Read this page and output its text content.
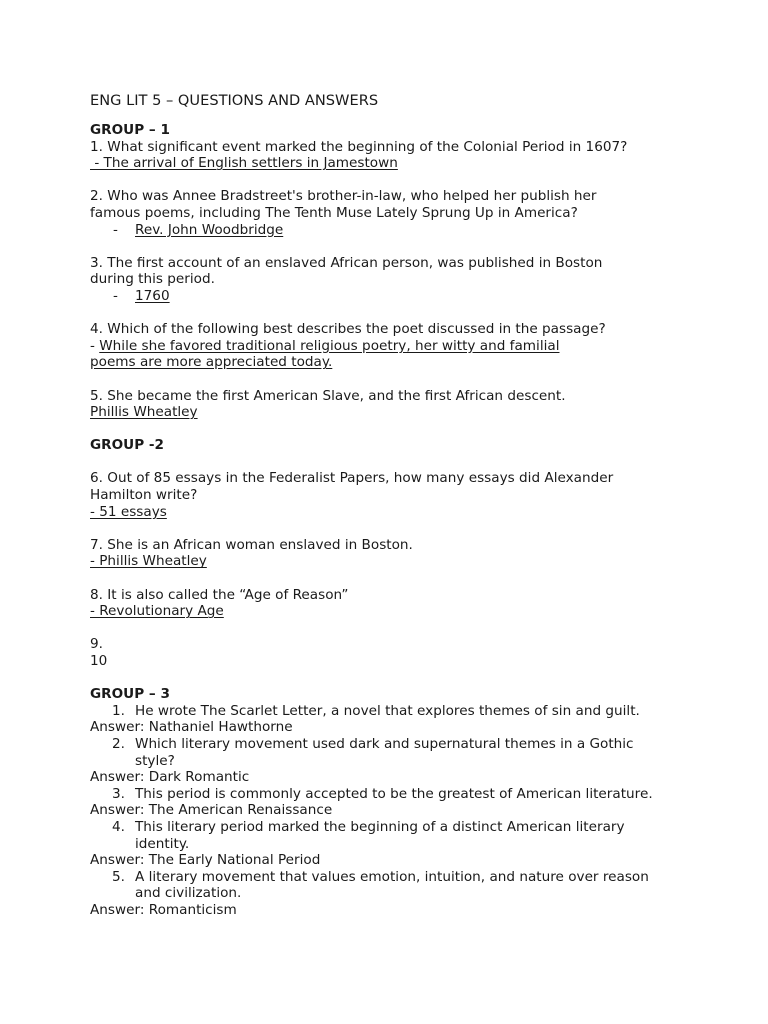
ENG LIT 5 – QUESTIONS AND ANSWERS
GROUP – 1
1. What significant event marked the beginning of the Colonial Period in 1607?
- The arrival of English settlers in Jamestown
2. Who was Annee Bradstreet's brother-in-law, who helped her publish her
famous poems, including The Tenth Muse Lately Sprung Up in America?
- Rev. John Woodbridge
3. The first account of an enslaved African person, was published in Boston
during this period.
- 1760
4. Which of the following best describes the poet discussed in the passage?
- While she favored traditional religious poetry, her witty and familial
poems are more appreciated today.
5. She became the first American Slave, and the first African descent.
Phillis Wheatley
GROUP -2
6. Out of 85 essays in the Federalist Papers, how many essays did Alexander
Hamilton write?
- 51 essays
7. She is an African woman enslaved in Boston.
- Phillis Wheatley
8. It is also called the “Age of Reason”
- Revolutionary Age
9.
10
GROUP – 3
1. He wrote The Scarlet Letter, a novel that explores themes of sin and guilt.
Answer: Nathaniel Hawthorne
2. Which literary movement used dark and supernatural themes in a Gothic
style?
Answer: Dark Romantic
3. This period is commonly accepted to be the greatest of American literature.
Answer: The American Renaissance
4. This literary period marked the beginning of a distinct American literary
identity.
Answer: The Early National Period
5. A literary movement that values emotion, intuition, and nature over reason
and civilization.
Answer: Romanticism
